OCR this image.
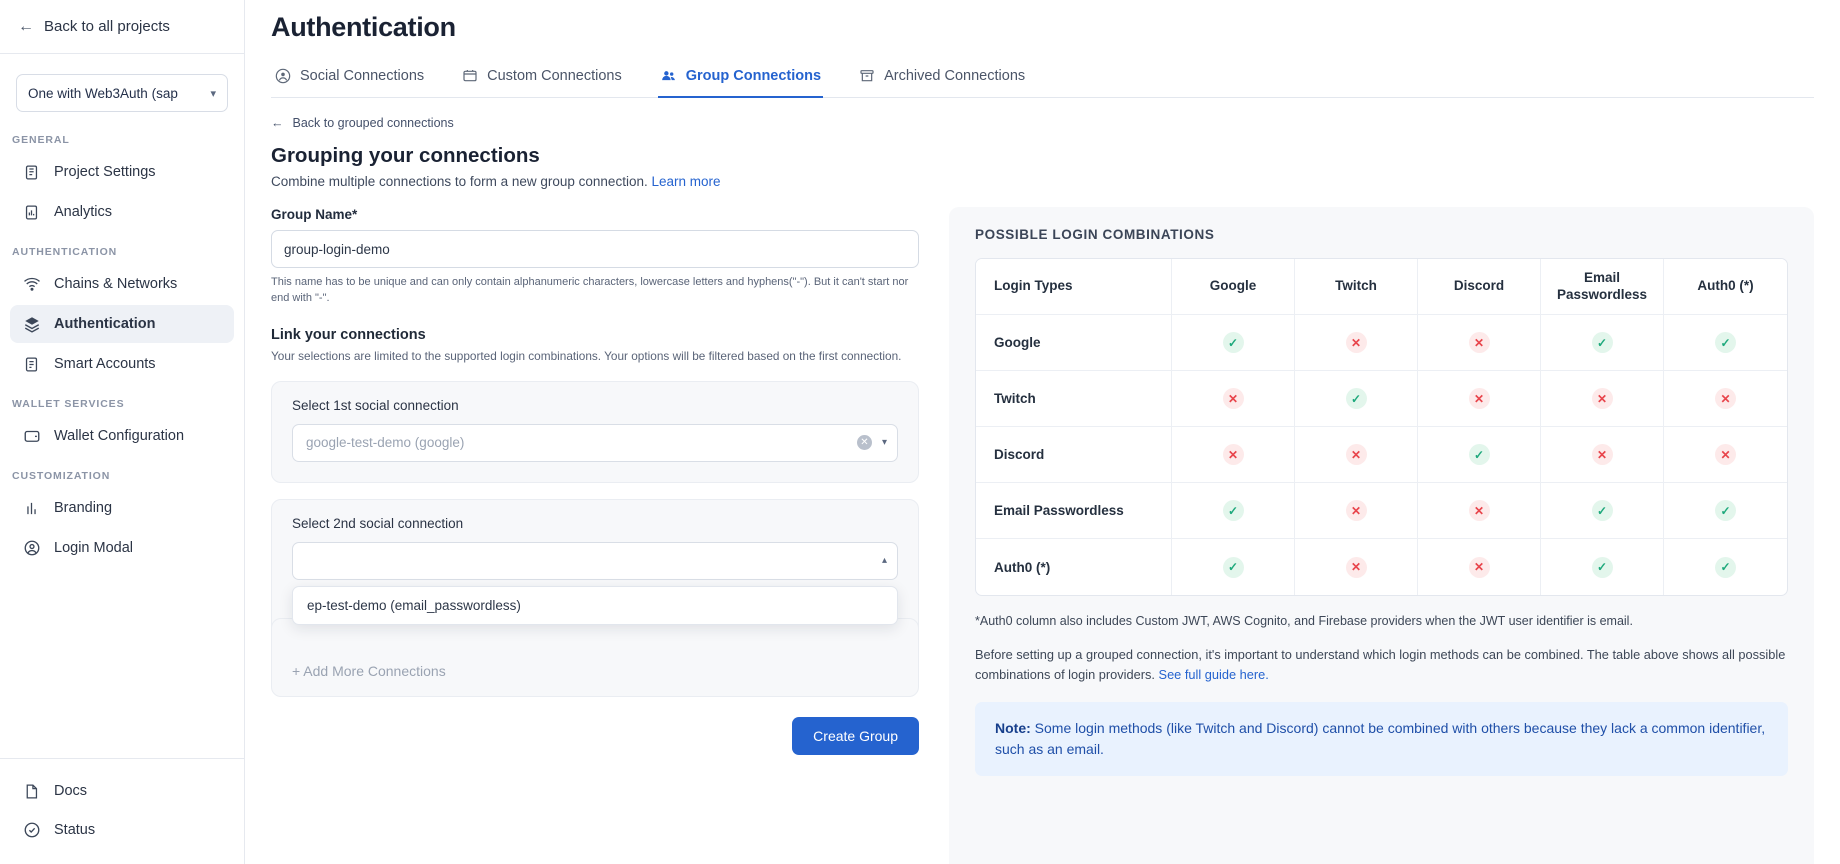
← Back to all projects
One with Web3Auth (sap	▾
GENERAL
Project Settings
Analytics
AUTHENTICATION
Chains & Networks
Authentication
Smart Accounts
WALLET SERVICES
Wallet Configuration
CUSTOMIZATION
Branding
Login Modal
Docs
Status
Authentication
Social Connections	Custom Connections	Group Connections	Archived Connections
← Back to grouped connections
Grouping your connections
Combine multiple connections to form a new group connection. Learn more
Group Name*
group-login-demo
This name has to be unique and can only contain alphanumeric characters, lowercase letters and hyphens("-"). But it can't start nor end with "-".
Link your connections
Your selections are limited to the supported login combinations. Your options will be filtered based on the first connection.
Select 1st social connection
google-test-demo (google)	✕	▾
Select 2nd social connection
▴
ep-test-demo (email_passwordless)
+ Add More Connections
Create Group
POSSIBLE LOGIN COMBINATIONS
Login Types	Google	Twitch	Discord	Email Passwordless	Auth0 (*)
Google	✓	✕	✕	✓	✓
Twitch	✕	✓	✕	✕	✕
Discord	✕	✕	✓	✕	✕
Email Passwordless	✓	✕	✕	✓	✓
Auth0 (*)	✓	✕	✕	✓	✓
*Auth0 column also includes Custom JWT, AWS Cognito, and Firebase providers when the JWT user identifier is email.
Before setting up a grouped connection, it's important to understand which login methods can be combined. The table above shows all possible combinations of login providers. See full guide here.
Note: Some login methods (like Twitch and Discord) cannot be combined with others because they lack a common identifier, such as an email.
